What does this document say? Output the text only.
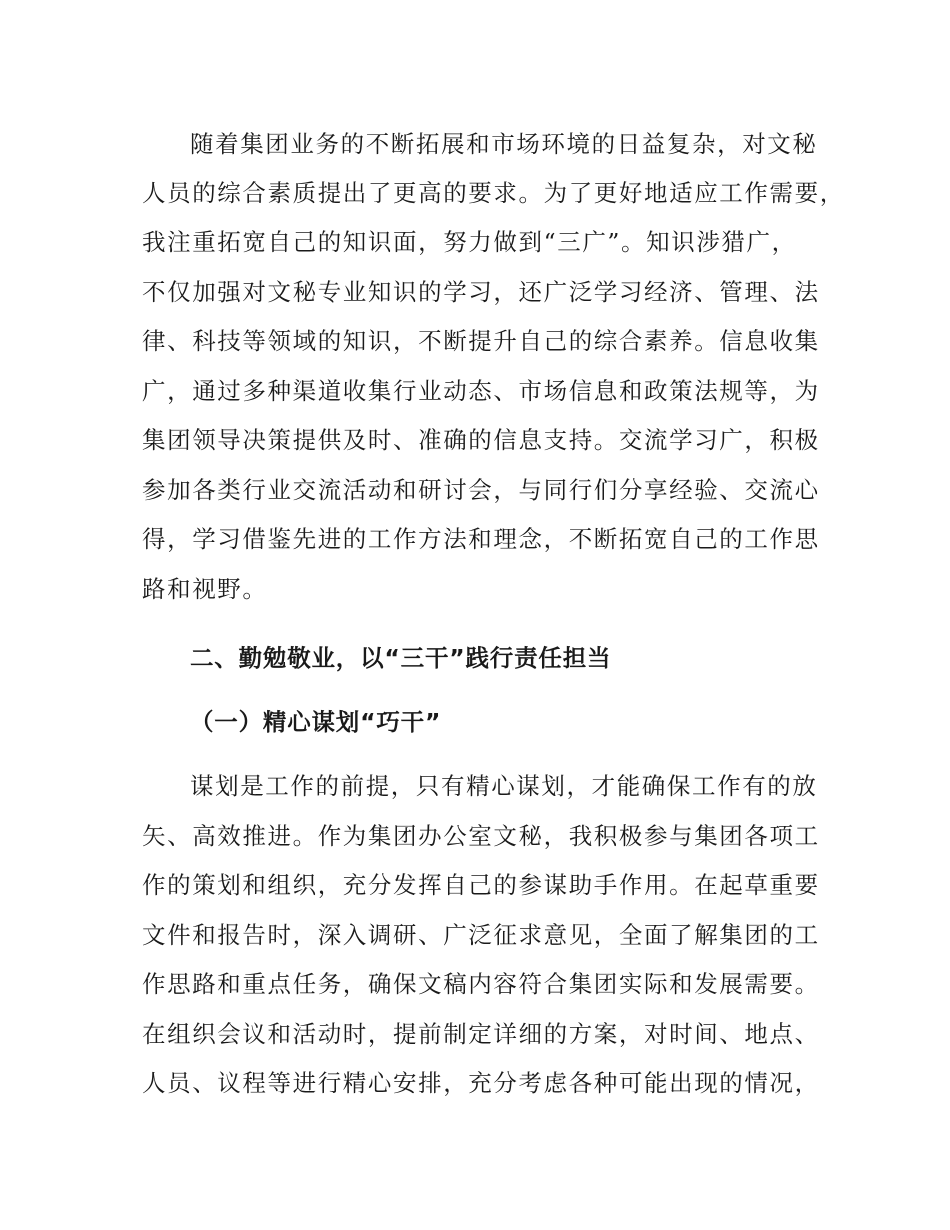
随着集团业务的不断拓展和市场环境的日益复杂，对文秘
人员的综合素质提出了更高的要求。为了更好地适应工作需要，
我注重拓宽自己的知识面，努力做到“三广”。知识涉猎广，
不仅加强对文秘专业知识的学习，还广泛学习经济、管理、法
律、科技等领域的知识，不断提升自己的综合素养。信息收集
广，通过多种渠道收集行业动态、市场信息和政策法规等，为
集团领导决策提供及时、准确的信息支持。交流学习广，积极
参加各类行业交流活动和研讨会，与同行们分享经验、交流心
得，学习借鉴先进的工作方法和理念，不断拓宽自己的工作思
路和视野。
二、勤勉敬业，以“三干”践行责任担当
（一）精心谋划“巧干”
谋划是工作的前提，只有精心谋划，才能确保工作有的放
矢、高效推进。作为集团办公室文秘，我积极参与集团各项工
作的策划和组织，充分发挥自己的参谋助手作用。在起草重要
文件和报告时，深入调研、广泛征求意见，全面了解集团的工
作思路和重点任务，确保文稿内容符合集团实际和发展需要。
在组织会议和活动时，提前制定详细的方案，对时间、地点、
人员、议程等进行精心安排，充分考虑各种可能出现的情况，
